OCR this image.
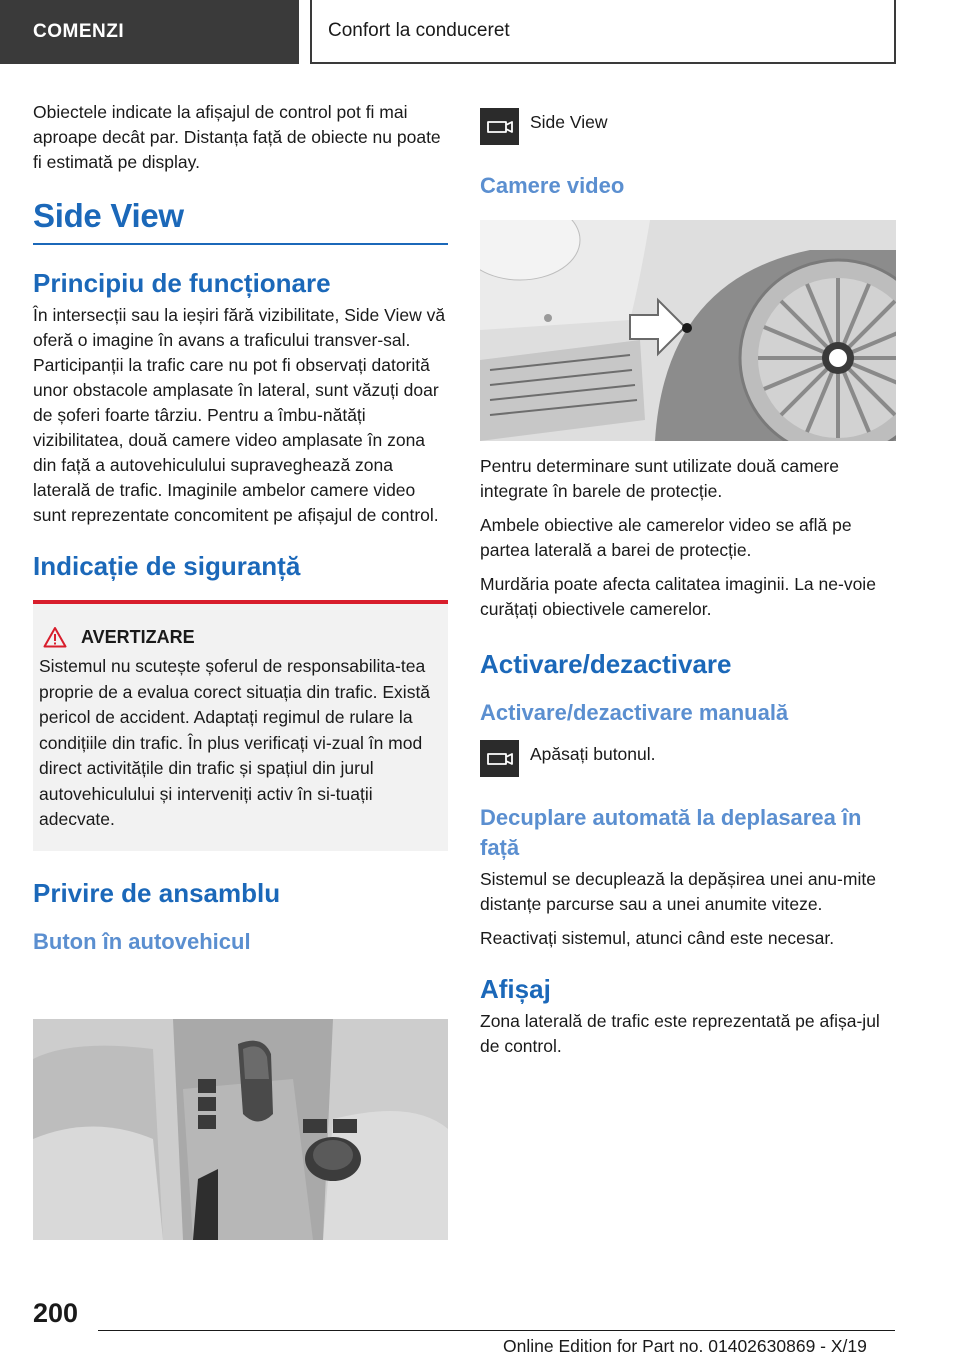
COMENZI	Confort la conduceret

Obiectele indicate la afișajul de control pot fi mai aproape decât par. Distanța față de obiecte nu poate fi estimată pe display.

Side View
Principiu de funcționare

În intersecții sau la ieșiri fără vizibilitate, Side View vă oferă o imagine în avans a traficului transver-sal. Participanții la trafic care nu pot fi observați datorită unor obstacole amplasate în lateral, sunt văzuți doar de șoferi foarte târziu. Pentru a îmbu-nătăți vizibilitatea, două camere video amplasate în zona din față a autovehiculului supraveghează zona laterală de trafic. Imaginile ambelor camere video sunt reprezentate concomitent pe afișajul de control.

Indicație de siguranță
AVERTIZARE

Sistemul nu scutește șoferul de responsabilita-tea proprie de a evalua corect situația din trafic. Există pericol de accident. Adaptați regimul de rulare la condițiile din trafic. În plus verificați vi-zual în mod direct activitățile din trafic și spațiul din jurul autovehiculului și interveniți activ în si-tuații adecvate.

Privire de ansamblu
Buton în autovehicul
Side View
Camere video

Pentru determinare sunt utilizate două camere integrate în barele de protecție.

Ambele obiective ale camerelor video se află pe partea laterală a barei de protecție.

Murdăria poate afecta calitatea imaginii. La ne-voie curățați obiectivele camerelor.

Activare/dezactivare
Activare/dezactivare manuală
Apăsați butonul.
Decuplare automată la deplasarea în față

Sistemul se decuplează la depășirea unei anu-mite distanțe parcurse sau a unei anumite viteze.

Reactivați sistemul, atunci când este necesar.

Afișaj

Zona laterală de trafic este reprezentată pe afișa-jul de control.

200
Online Edition for Part no. 01402630869 - X/19
